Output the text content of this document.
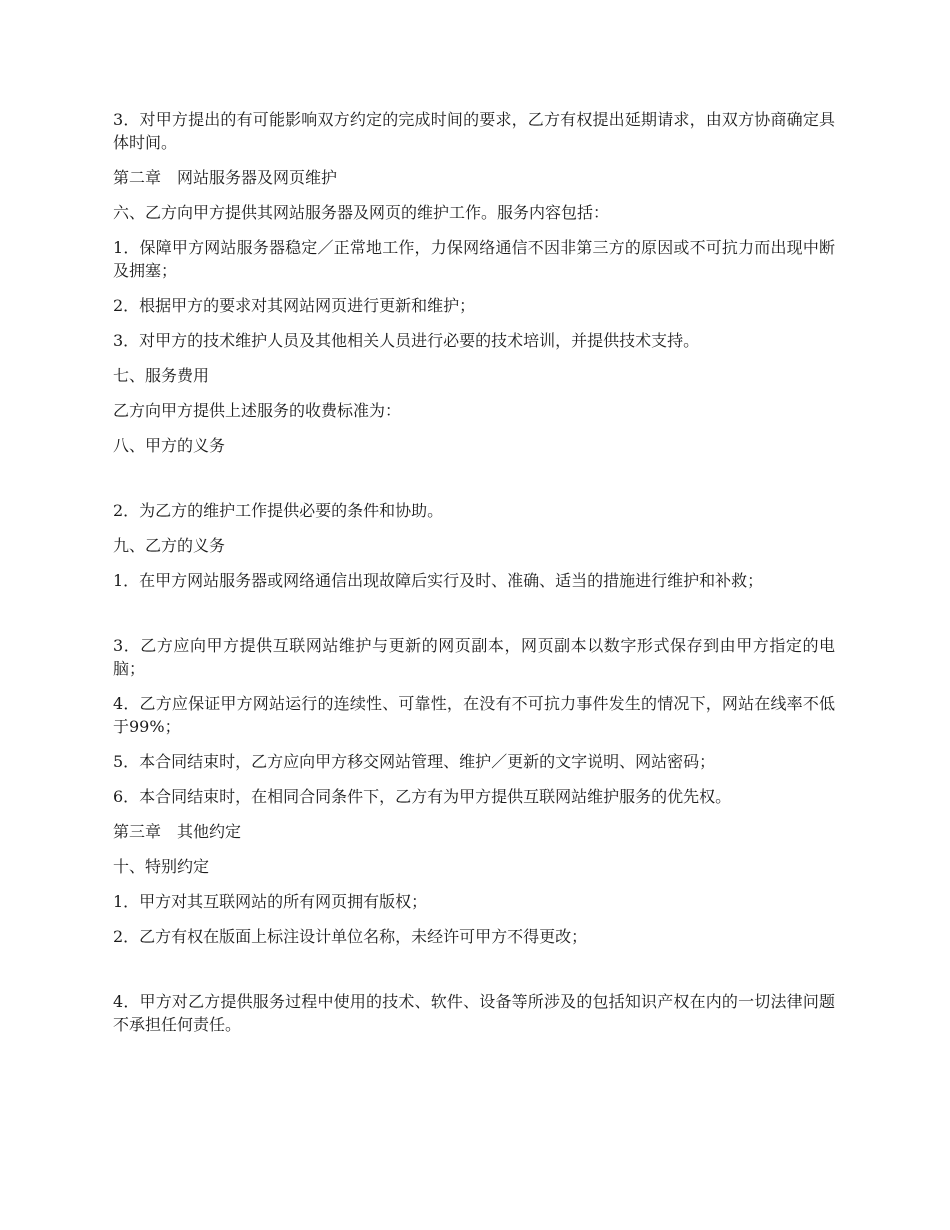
3．对甲方提出的有可能影响双方约定的完成时间的要求，乙方有权提出延期请求，由双方协商确定具体时间。

第二章　网站服务器及网页维护

六、乙方向甲方提供其网站服务器及网页的维护工作。服务内容包括：

1．保障甲方网站服务器稳定／正常地工作，力保网络通信不因非第三方的原因或不可抗力而出现中断及拥塞；

2．根据甲方的要求对其网站网页进行更新和维护；

3．对甲方的技术维护人员及其他相关人员进行必要的技术培训，并提供技术支持。

七、服务费用

乙方向甲方提供上述服务的收费标准为：

八、甲方的义务

2．为乙方的维护工作提供必要的条件和协助。

九、乙方的义务

1．在甲方网站服务器或网络通信出现故障后实行及时、准确、适当的措施进行维护和补救；

3．乙方应向甲方提供互联网站维护与更新的网页副本，网页副本以数字形式保存到由甲方指定的电脑；

4．乙方应保证甲方网站运行的连续性、可靠性，在没有不可抗力事件发生的情况下，网站在线率不低于99%；

5．本合同结束时，乙方应向甲方移交网站管理、维护／更新的文字说明、网站密码；

6．本合同结束时，在相同合同条件下，乙方有为甲方提供互联网站维护服务的优先权。

第三章　其他约定

十、特别约定

1．甲方对其互联网站的所有网页拥有版权；

2．乙方有权在版面上标注设计单位名称，未经许可甲方不得更改；

4．甲方对乙方提供服务过程中使用的技术、软件、设备等所涉及的包括知识产权在内的一切法律问题不承担任何责任。
